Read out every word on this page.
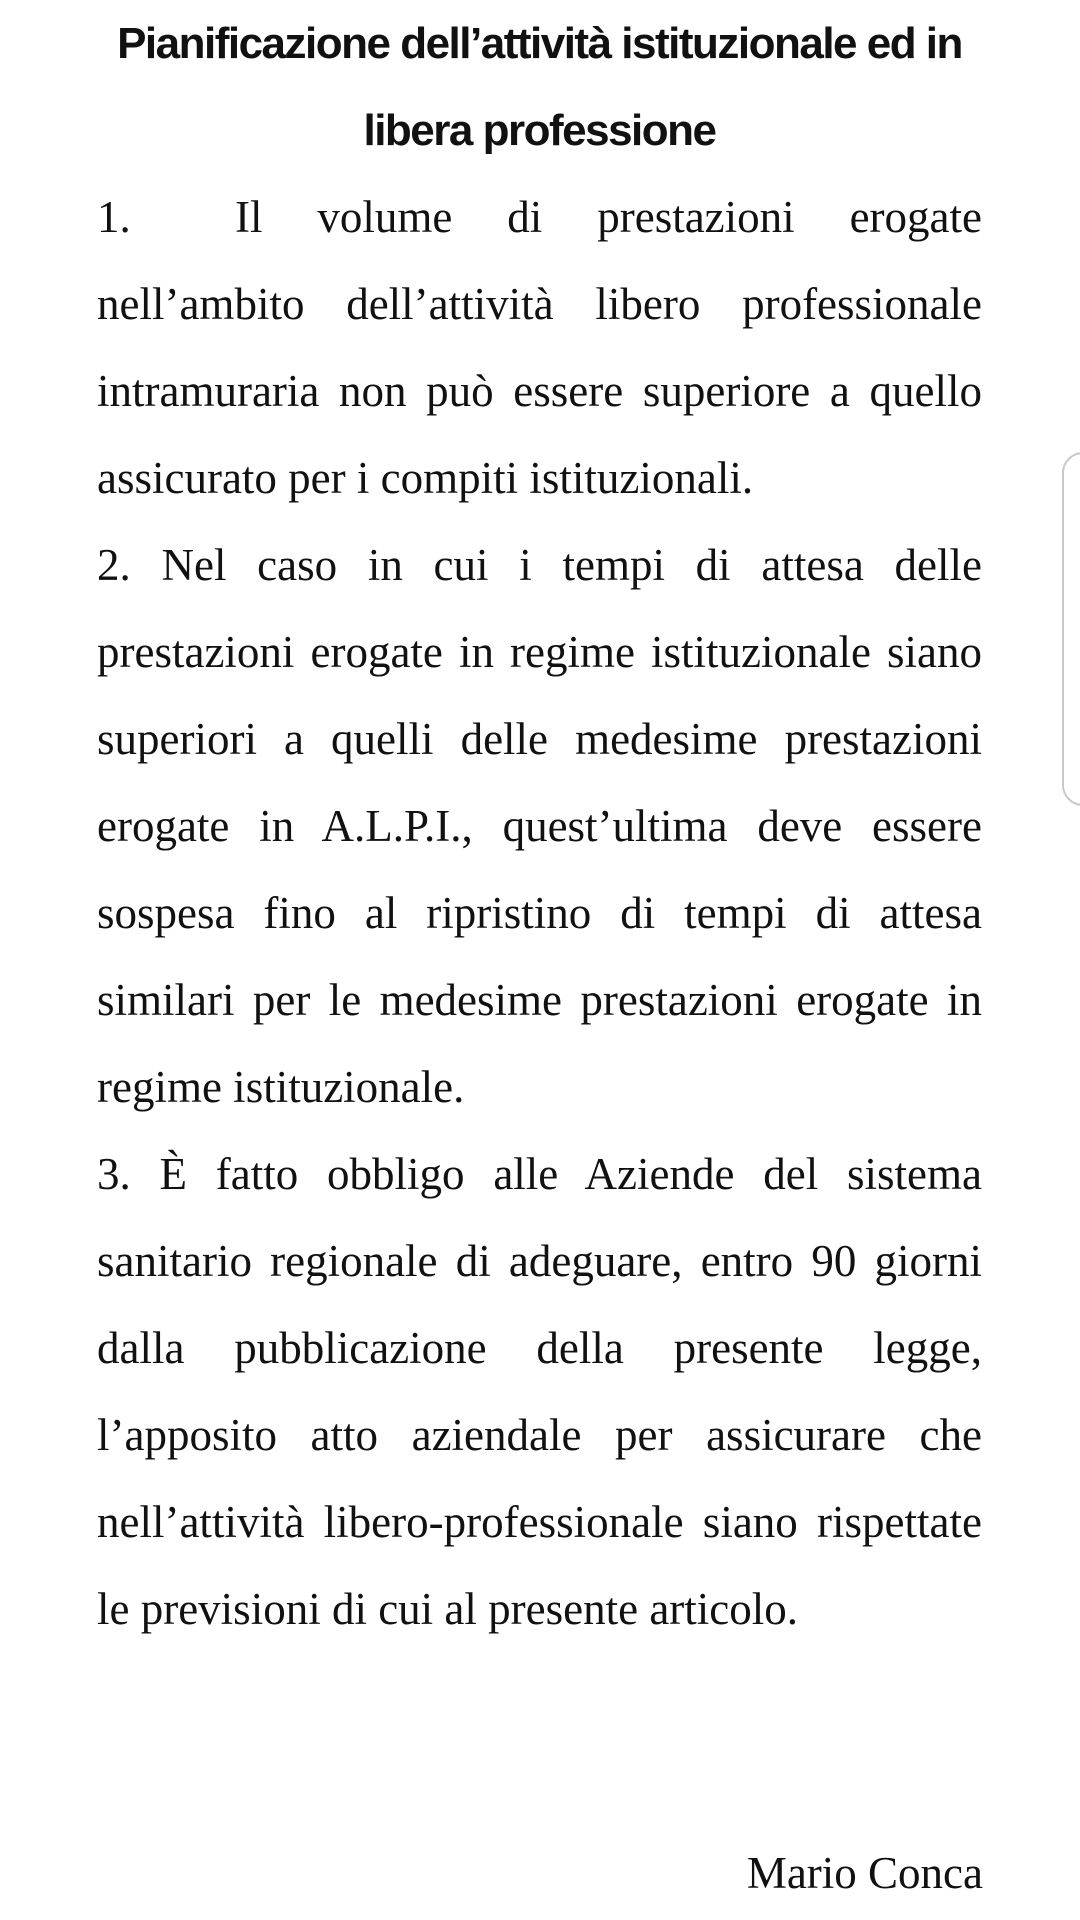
Pianificazione dell’attività istituzionale ed in libera professione

1. Il volume di prestazioni erogate nell’ambito dell’attività libero professionale intramuraria non può essere superiore a quello assicurato per i compiti istituzionali.

2. Nel caso in cui i tempi di attesa delle prestazioni erogate in regime istituzionale siano superiori a quelli delle medesime prestazioni erogate in A.L.P.I., quest’ultima deve essere sospesa fino al ripristino di tempi di attesa similari per le medesime prestazioni erogate in regime istituzionale.

3. È fatto obbligo alle Aziende del sistema sanitario regionale di adeguare, entro 90 giorni dalla pubblicazione della presente legge, l’apposito atto aziendale per assicurare che nell’attività libero-professionale siano rispettate le previsioni di cui al presente articolo.

Mario Conca
